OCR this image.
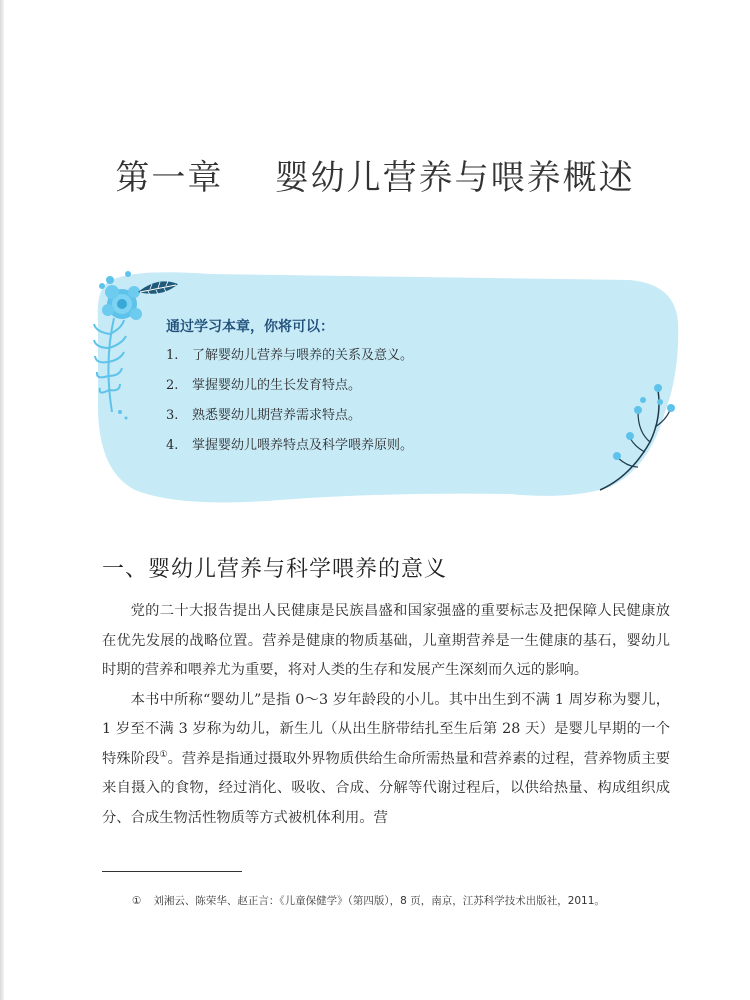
第一章    婴幼儿营养与喂养概述
通过学习本章，你将可以：
1.	了解婴幼儿营养与喂养的关系及意义。
2.	掌握婴幼儿的生长发育特点。
3.	熟悉婴幼儿期营养需求特点。
4.	掌握婴幼儿喂养特点及科学喂养原则。
一、婴幼儿营养与科学喂养的意义

党的二十大报告提出人民健康是民族昌盛和国家强盛的重要标志及把保障人民健康放在优先发展的战略位置。营养是健康的物质基础，儿童期营养是一生健康的基石，婴幼儿时期的营养和喂养尤为重要，将对人类的生存和发展产生深刻而久远的影响。

本书中所称“婴幼儿”是指 0～3 岁年龄段的小儿。其中出生到不满 1 周岁称为婴儿，1 岁至不满 3 岁称为幼儿，新生儿（从出生脐带结扎至生后第 28 天）是婴儿早期的一个特殊阶段①。营养是指通过摄取外界物质供给生命所需热量和营养素的过程，营养物质主要来自摄入的食物，经过消化、吸收、合成、分解等代谢过程后，以供给热量、构成组织成分、合成生物活性物质等方式被机体利用。营

① 刘湘云、陈荣华、赵正言：《儿童保健学》（第四版），8 页，南京，江苏科学技术出版社，2011。
